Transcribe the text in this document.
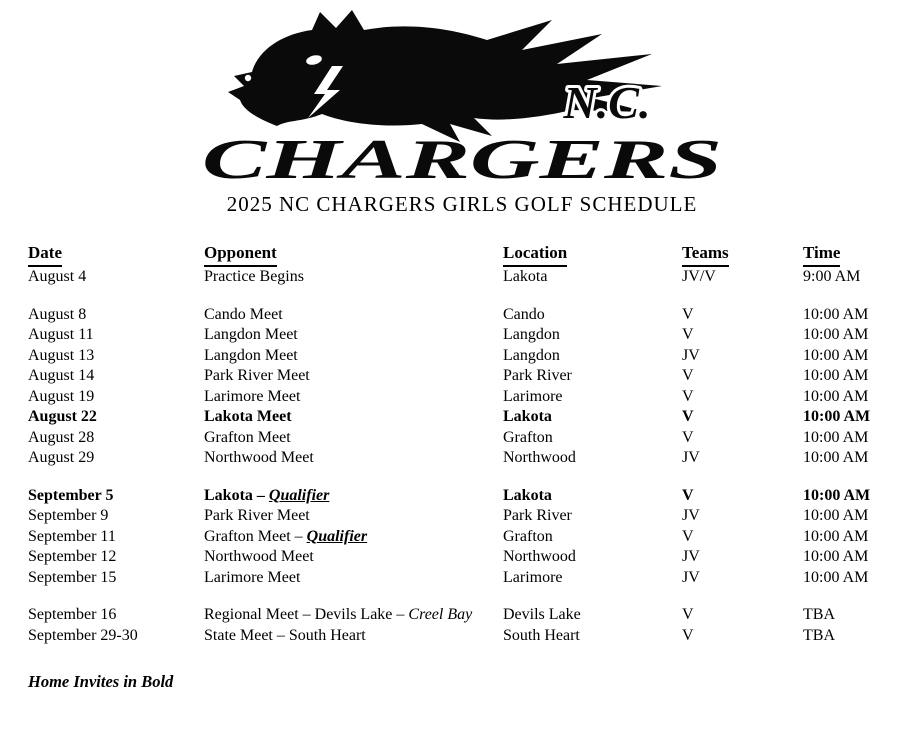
N.C.
CHARGERS
2025 NC CHARGERS GIRLS GOLF SCHEDULE
Date	Opponent	Location	Teams	Time
August 4	Practice Begins	Lakota	JV/V	9:00 AM
August 8	Cando Meet	Cando	V	10:00 AM
August 11	Langdon Meet	Langdon	V	10:00 AM
August 13	Langdon Meet	Langdon	JV	10:00 AM
August 14	Park River Meet	Park River	V	10:00 AM
August 19	Larimore Meet	Larimore	V	10:00 AM
August 22	Lakota Meet	Lakota	V	10:00 AM
August 28	Grafton Meet	Grafton	V	10:00 AM
August 29	Northwood Meet	Northwood	JV	10:00 AM
September 5	Lakota – Qualifier	Lakota	V	10:00 AM
September 9	Park River Meet	Park River	JV	10:00 AM
September 11	Grafton Meet – Qualifier	Grafton	V	10:00 AM
September 12	Northwood Meet	Northwood	JV	10:00 AM
September 15	Larimore Meet	Larimore	JV	10:00 AM
September 16	Regional Meet – Devils Lake – Creel Bay	Devils Lake	V	TBA
September 29-30	State Meet – South Heart	South Heart	V	TBA
Home Invites in Bold
